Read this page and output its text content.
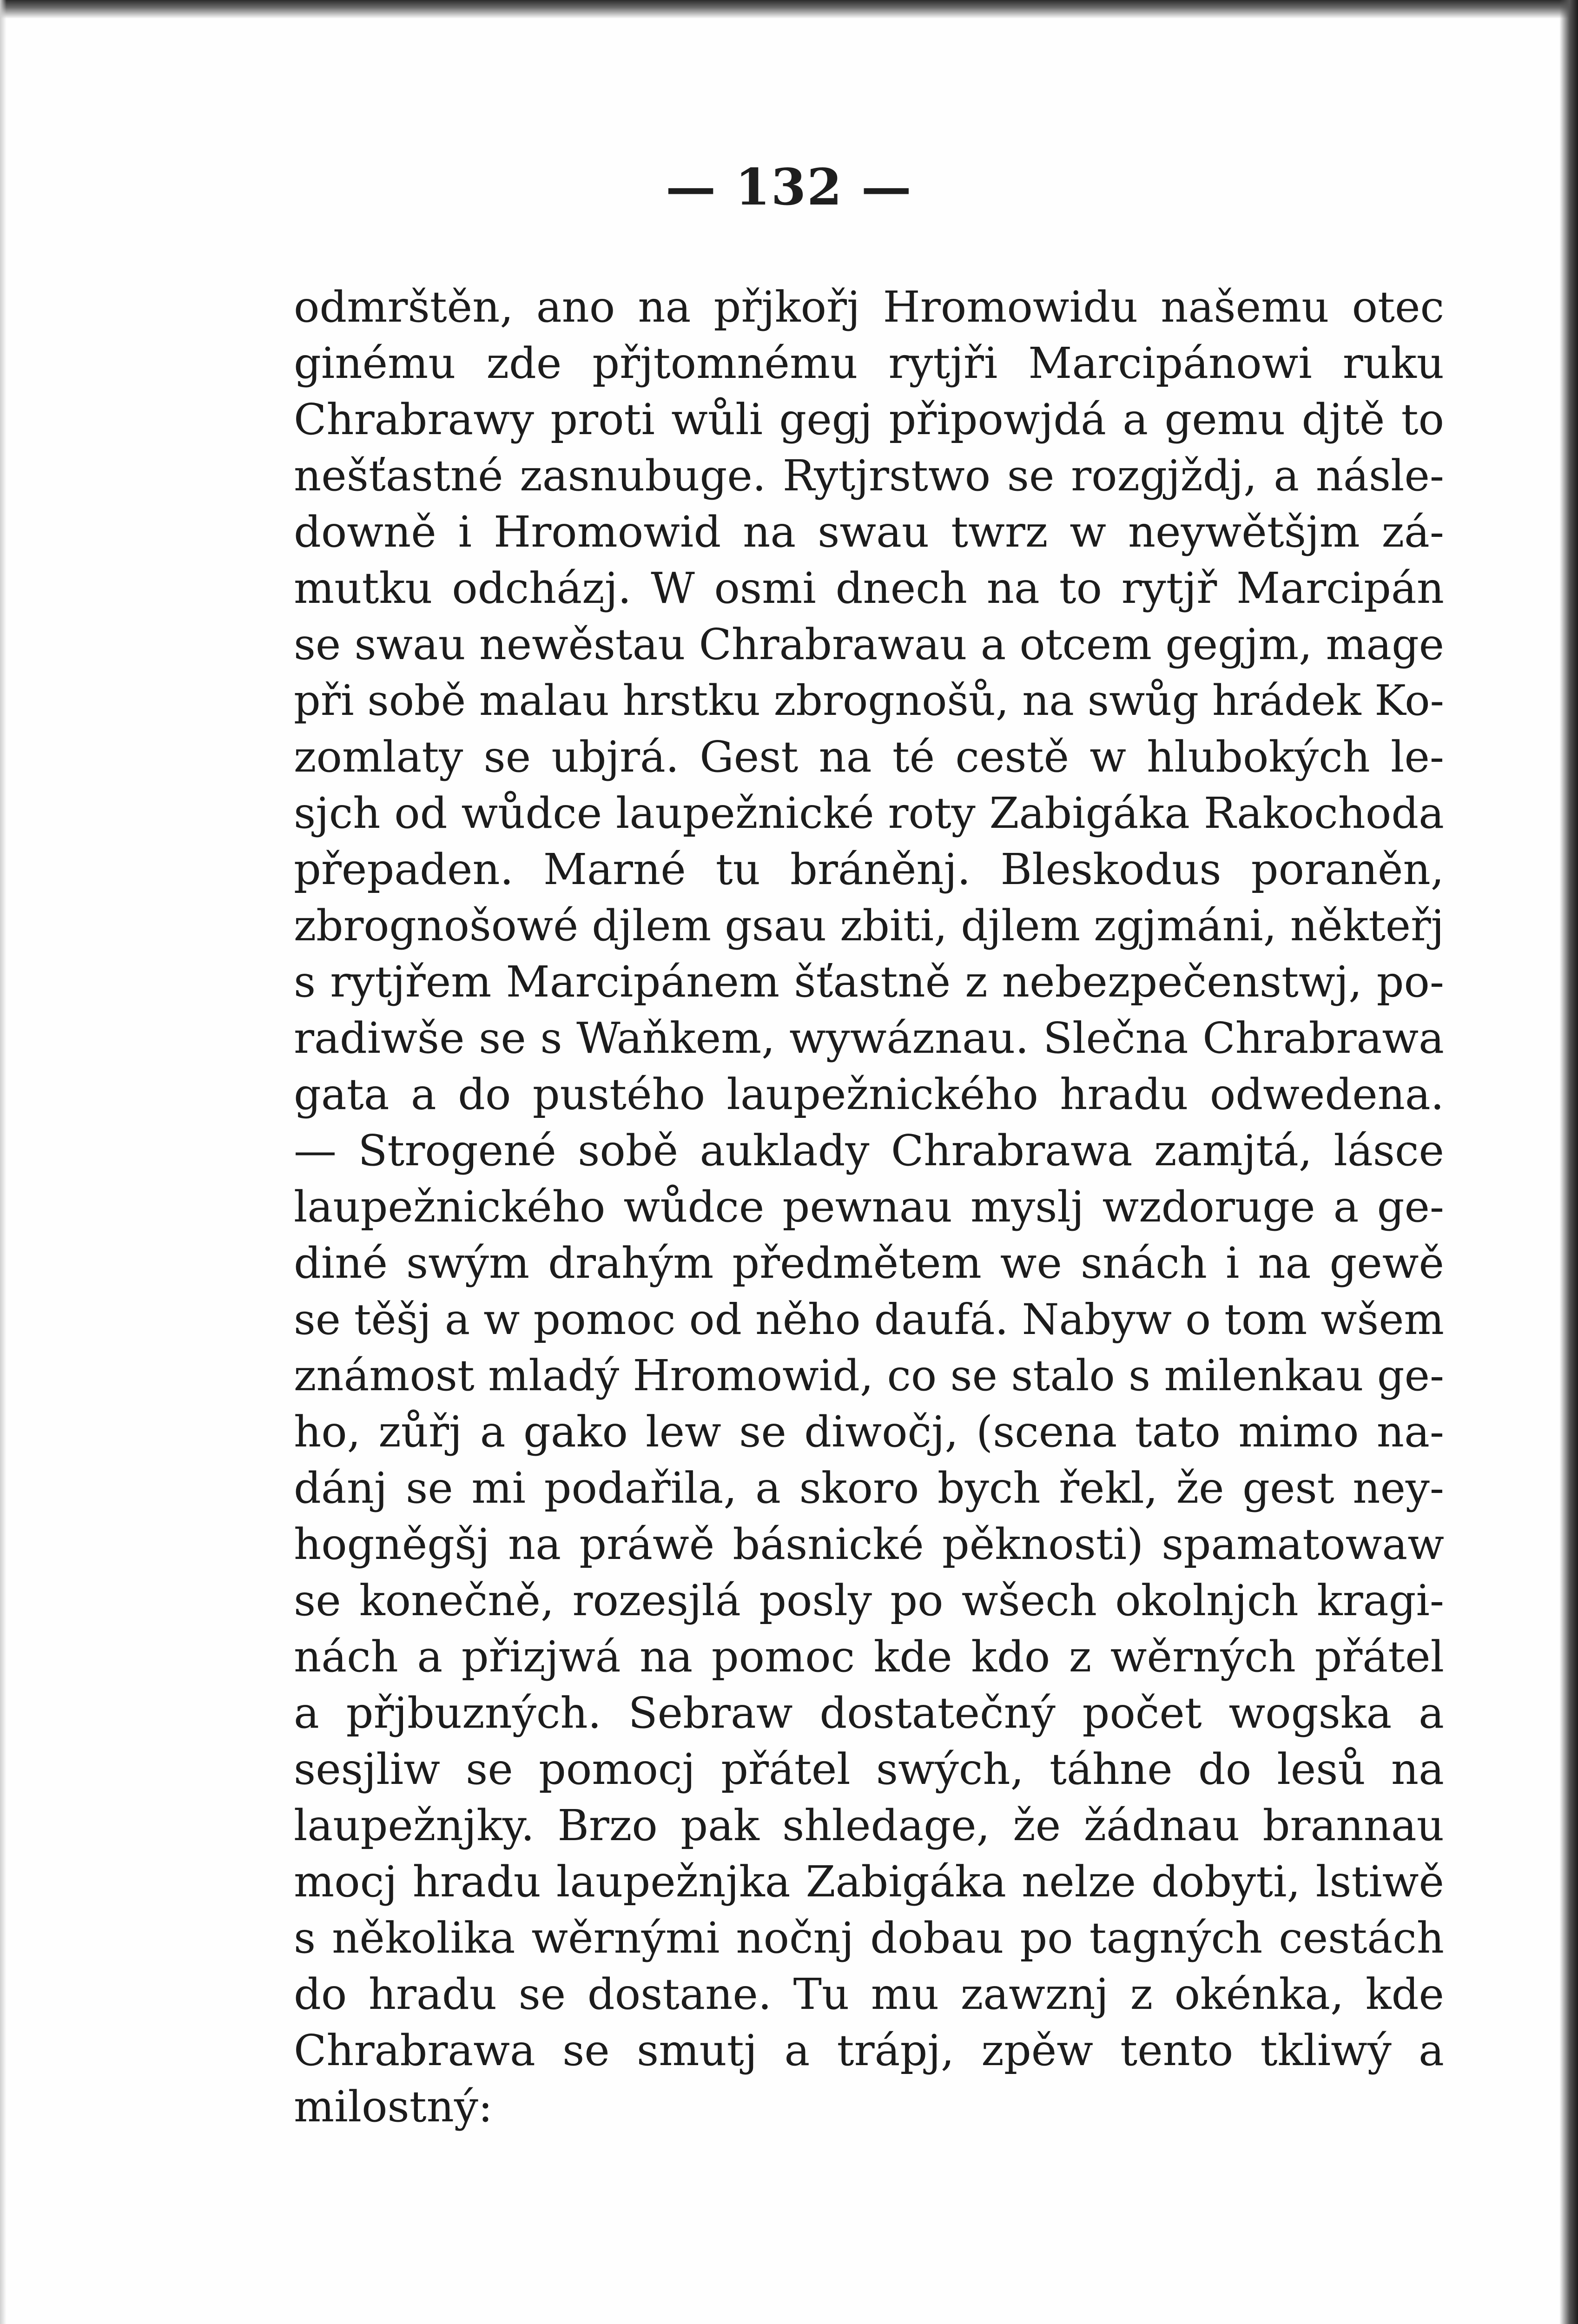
— 132 —
odmrštěn, ano na přjkořj Hromowidu našemu otec
ginému zde přjtomnému rytjři Marcipánowi ruku
Chrabrawy proti wůli gegj připowjdá a gemu djtě to
nešťastné zasnubuge. Rytjrstwo se rozgjždj, a násle-
downě i Hromowid na swau twrz w neywětšjm zá-
mutku odcházj. W osmi dnech na to rytjř Marcipán
se swau newěstau Chrabrawau a otcem gegjm, mage
při sobě malau hrstku zbrognošů, na swůg hrádek Ko-
zomlaty se ubjrá. Gest na té cestě w hlubokých le-
sjch od wůdce laupežnické roty Zabigáka Rakochoda
přepaden. Marné tu bráněnj. Bleskodus poraněn,
zbrognošowé djlem gsau zbiti, djlem zgjmáni, někteřj
s rytjřem Marcipánem šťastně z nebezpečenstwj, po-
radiwše se s Waňkem, wywáznau. Slečna Chrabrawa
gata a do pustého laupežnického hradu odwedena.
— Strogené sobě auklady Chrabrawa zamjtá, lásce
laupežnického wůdce pewnau myslj wzdoruge a ge-
diné swým drahým předmětem we snách i na gewě
se těšj a w pomoc od něho daufá. Nabyw o tom wšem
známost mladý Hromowid, co se stalo s milenkau ge-
ho, zůřj a gako lew se diwočj, (scena tato mimo na-
dánj se mi podařila, a skoro bych řekl, že gest ney-
hogněgšj na práwě básnické pěknosti) spamatowaw
se konečně, rozesjlá posly po wšech okolnjch kragi-
nách a přizjwá na pomoc kde kdo z wěrných přátel
a přjbuzných. Sebraw dostatečný počet wogska a
sesjliw se pomocj přátel swých, táhne do lesů na
laupežnjky. Brzo pak shledage, že žádnau brannau
mocj hradu laupežnjka Zabigáka nelze dobyti, lstiwě
s několika wěrnými nočnj dobau po tagných cestách
do hradu se dostane. Tu mu zawznj z okénka, kde
Chrabrawa se smutj a trápj, zpěw tento tkliwý a
milostný:
